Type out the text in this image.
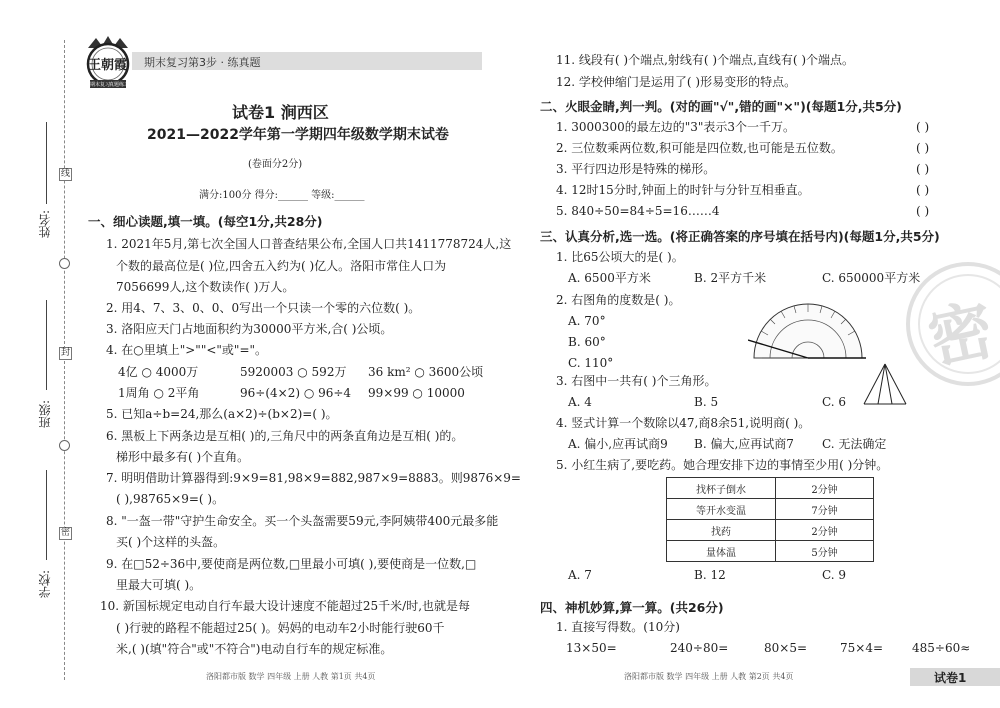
线
封
密
姓名:
班级:
学校:
王朝霞
期末复习
真题练习
期末复习第3步 · 练真题
试卷1 涧西区
2021—2022学年第一学期四年级数学期末试卷
(卷面分2分)
满分:100分 得分:______ 等级:______
一、细心读题,填一填。(每空1分,共28分)
1. 2021年5月,第七次全国人口普查结果公布,全国人口共1411778724人,这
个数的最高位是( )位,四舍五入约为( )亿人。洛阳市常住人口为
7056699人,这个数读作( )万人。
2. 用4、7、3、0、0、0写出一个只读一个零的六位数( )。
3. 洛阳应天门占地面积约为30000平方米,合( )公顷。
4. 在○里填上">""<"或"="。
4亿 ○ 4000万	5920003 ○ 592万 36 km² ○ 3600公顷
1周角 ○ 2平角	96÷(4×2) ○ 96÷4 99×99 ○ 10000
5. 已知a÷b=24,那么(a×2)÷(b×2)=( )。
6. 黑板上下两条边是互相( )的,三角尺中的两条直角边是互相( )的。
梯形中最多有( )个直角。
7. 明明借助计算器得到:9×9=81,98×9=882,987×9=8883。则9876×9=
( ),98765×9=( )。
8. "一盔一带"守护生命安全。买一个头盔需要59元,李阿姨带400元最多能
买( )个这样的头盔。
9. 在□52÷36中,要使商是两位数,□里最小可填( ),要使商是一位数,□
里最大可填( )。
10. 新国标规定电动自行车最大设计速度不能超过25千米/时,也就是每
( )行驶的路程不能超过25( )。妈妈的电动车2小时能行驶60千
米,( )(填"符合"或"不符合")电动自行车的规定标准。
洛阳都市版 数学 四年级 上册 人教 第1页 共4页
11. 线段有( )个端点,射线有( )个端点,直线有( )个端点。
12. 学校伸缩门是运用了( )形易变形的特点。
二、火眼金睛,判一判。(对的画"√",错的画"×")(每题1分,共5分)
1. 3000300的最左边的"3"表示3个一千万。
2. 三位数乘两位数,积可能是四位数,也可能是五位数。
3. 平行四边形是特殊的梯形。
4. 12时15分时,钟面上的时针与分针互相垂直。
5. 840÷50=84÷5=16……4
( )
( )
( )
( )
( )
三、认真分析,选一选。(将正确答案的序号填在括号内)(每题1分,共5分)
1. 比65公顷大的是( )。
A. 6500平方米	B. 2平方千米	C. 650000平方米
2. 右图角的度数是( )。
A. 70°
B. 60°
C. 110°
3. 右图中一共有( )个三角形。
A. 4	B. 5	C. 6
4. 竖式计算一个数除以47,商8余51,说明商( )。
A. 偏小,应再试商9 B. 偏大,应再试商7 C. 无法确定
5. 小红生病了,要吃药。她合理安排下边的事情至少用( )分钟。
找杯子倒水	2分钟
等开水变温	7分钟
找药	2分钟
量体温	5分钟
A. 7	B. 12	C. 9
四、神机妙算,算一算。(共26分)
1. 直接写得数。(10分)
13×50=	240÷80=	80×5=	75×4= 485÷60≈
密
洛阳都市版 数学 四年级 上册 人教 第2页 共4页	试卷1
